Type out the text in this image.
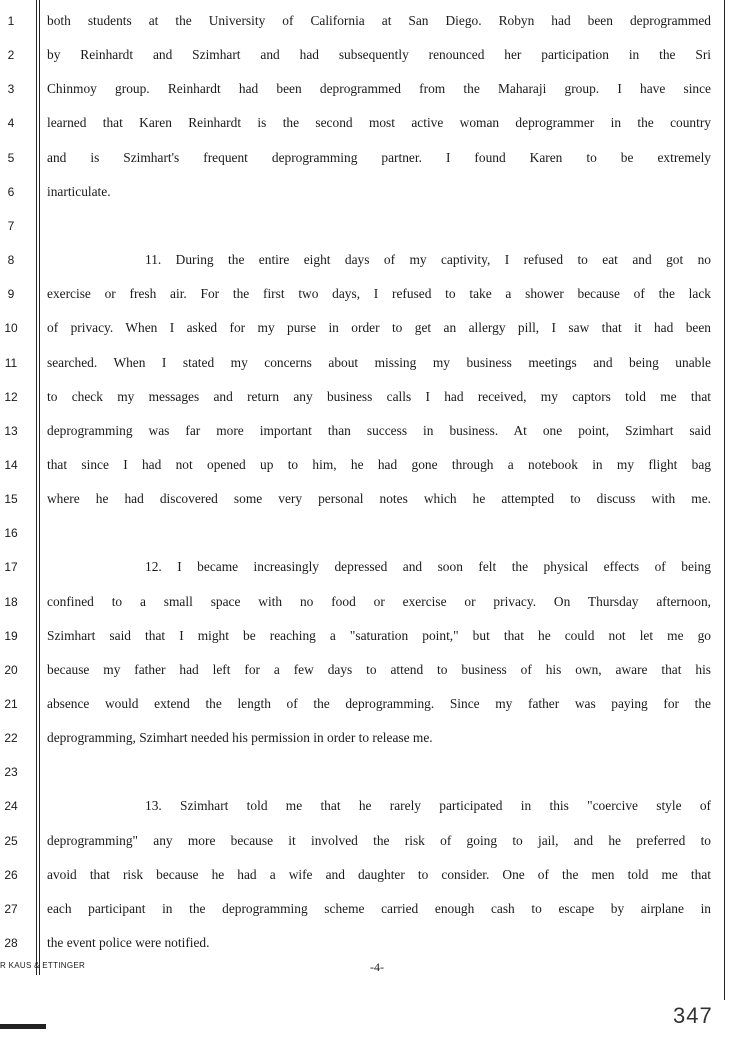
1	both students at the University of California at San Diego. Robyn had been deprogrammed
2	by Reinhardt and Szimhart and had subsequently renounced her participation in the Sri
3	Chinmoy group. Reinhardt had been deprogrammed from the Maharaji group. I have since
4	learned that Karen Reinhardt is the second most active woman deprogrammer in the country
5	and is Szimhart's frequent deprogramming partner. I found Karen to be extremely
6	inarticulate.
7
8	11. During the entire eight days of my captivity, I refused to eat and got no
9	exercise or fresh air. For the first two days, I refused to take a shower because of the lack
10	of privacy. When I asked for my purse in order to get an allergy pill, I saw that it had been
11	searched. When I stated my concerns about missing my business meetings and being unable
12	to check my messages and return any business calls I had received, my captors told me that
13	deprogramming was far more important than success in business. At one point, Szimhart said
14	that since I had not opened up to him, he had gone through a notebook in my flight bag
15	where he had discovered some very personal notes which he attempted to discuss with me.
16
17	12. I became increasingly depressed and soon felt the physical effects of being
18	confined to a small space with no food or exercise or privacy. On Thursday afternoon,
19	Szimhart said that I might be reaching a "saturation point," but that he could not let me go
20	because my father had left for a few days to attend to business of his own, aware that his
21	absence would extend the length of the deprogramming. Since my father was paying for the
22	deprogramming, Szimhart needed his permission in order to release me.
23
24	13. Szimhart told me that he rarely participated in this "coercive style of
25	deprogramming" any more because it involved the risk of going to jail, and he preferred to
26	avoid that risk because he had a wife and daughter to consider. One of the men told me that
27	each participant in the deprogramming scheme carried enough cash to escape by airplane in
28	the event police were notified.
R KAUS & ETTINGER	-4-
347
